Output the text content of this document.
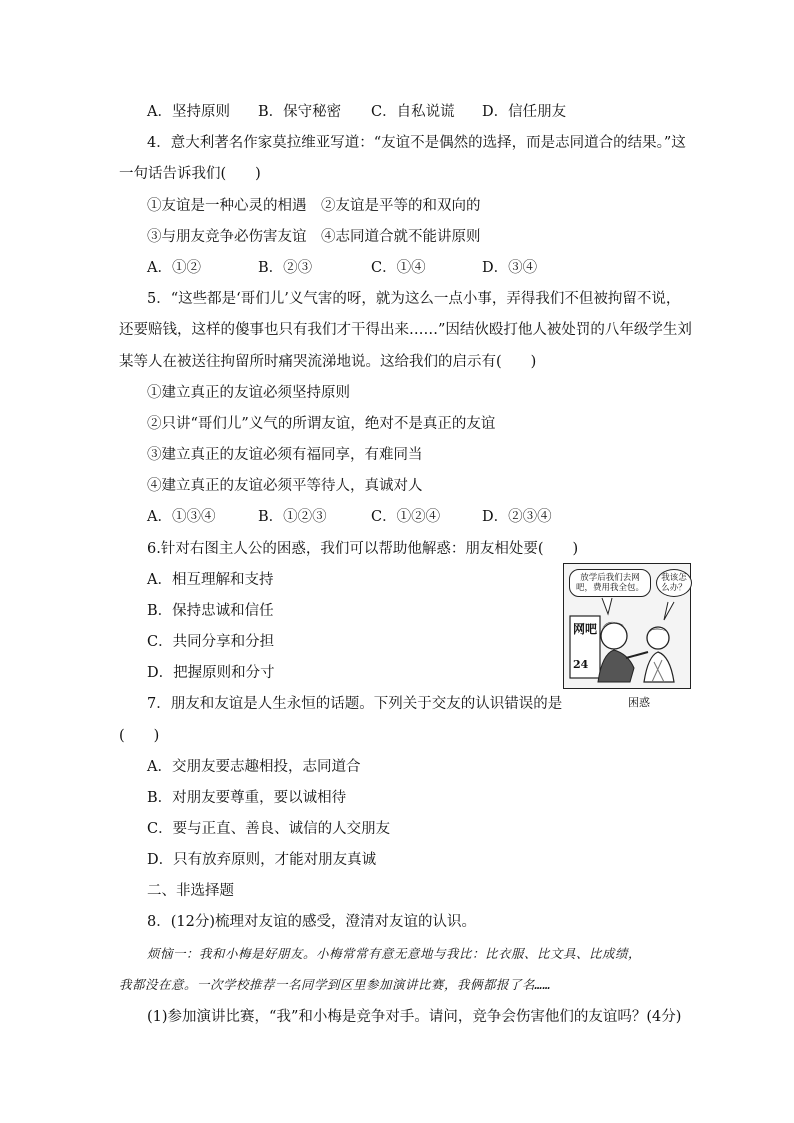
A．坚持原则 B．保守秘密 C．自私说谎 D．信任朋友
4．意大利著名作家莫拉维亚写道：“友谊不是偶然的选择，而是志同道合的结果。”这
一句话告诉我们(　　)
①友谊是一种心灵的相遇　②友谊是平等的和双向的
③与朋友竞争必伤害友谊　④志同道合就不能讲原则
A．①②	B．②③	C．①④	D．③④
5．“这些都是‘哥们儿’义气害的呀，就为这么一点小事，弄得我们不但被拘留不说，
还要赔钱，这样的傻事也只有我们才干得出来……”因结伙殴打他人被处罚的八年级学生刘
某等人在被送往拘留所时痛哭流涕地说。这给我们的启示有(　　)
①建立真正的友谊必须坚持原则
②只讲“哥们儿”义气的所谓友谊，绝对不是真正的友谊
③建立真正的友谊必须有福同享，有难同当
④建立真正的友谊必须平等待人，真诚对人
A．①③④	B．①②③	C．①②④	D．②③④
6.针对右图主人公的困惑，我们可以帮助他解惑：朋友相处要(　　)
A．相互理解和支持
B．保持忠诚和信任
C．共同分享和分担
D．把握原则和分寸
放学后我们去网吧，费用我全包。
我该怎么办？
网吧
24
困惑
7．朋友和友谊是人生永恒的话题。下列关于交友的认识错误的是
(　　)
A．交朋友要志趣相投，志同道合
B．对朋友要尊重，要以诚相待
C．要与正直、善良、诚信的人交朋友
D．只有放弃原则，才能对朋友真诚
二、非选择题
8．(12分)梳理对友谊的感受，澄清对友谊的认识。
烦恼一：我和小梅是好朋友。小梅常常有意无意地与我比：比衣服、比文具、比成绩，
我都没在意。一次学校推荐一名同学到区里参加演讲比赛，我俩都报了名……
(1)参加演讲比赛，“我”和小梅是竞争对手。请问，竞争会伤害他们的友谊吗？(4分)
